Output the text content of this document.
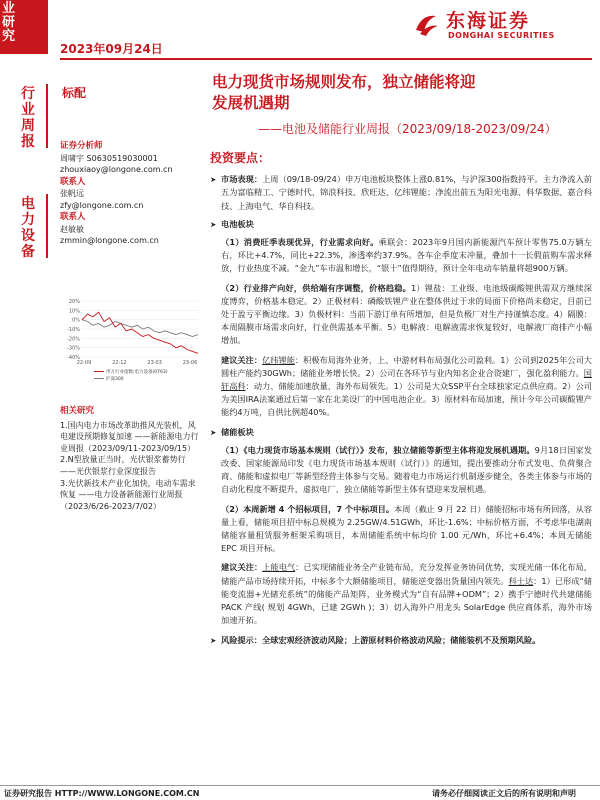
业
研
究
行
业
周
报
电
力
设
备
2023年09月24日
东海证券
DONGHAI SECURITIES
标配
电力现货市场规则发布，独立储能将迎
发展机遇期
——电池及储能行业周报（2023/09/18-2023/09/24）
证券分析师
周啸宇 S0630519030001
zhouxiaoy@longone.com.cn
联系人
张帆远
zfy@longone.com.cn
联系人
赵敏敏
zmmin@longone.com.cn
20%
10%
0%
-10%
-20%
-30%
-40%
22-09	22-12	23-03	23-06
申万行业指数:电力设备(0763)
沪深300
相关研究
1.国内电力市场改革助推风光装机，风电建设预期修复加速 ——新能源电力行业周报（2023/09/11-2023/09/15）
2.N型放量正当时，光伏银浆蓄势行——光伏银浆行业深度报告
3.光伏新技术产业化加快，电动车需求恢复 ——电力设备新能源行业周报（2023/6/26-2023/7/02）
投资要点：
➤ 市场表现：上周（09/18-09/24）申万电池板块整体上涨0.81%，与沪深300指数持平。主力净流入前五为富临精工、宁德时代、锦浪科技、欣旺达、亿纬锂能；净流出前五为阳光电源、科华数据、嘉合科技、上海电气、华自科技。
➤ 电池板块
（1）消费旺季表现优异，行业需求向好。乘联会：2023年9月国内新能源汽车预计零售75.0万辆左右，环比+4.7%，同比+22.3%，渗透率约37.9%。各车企季度末冲量，叠加十一长假前购车需求释放，行业热度不减。“金九”车市温和增长，“银十”值得期待，预计全年电动车销量将超900万辆。
（2）行业排产向好，供给端有序调整，价格趋稳。1）锂盐：工业级、电池级碳酸锂供需双方继续深度博弈，价格基本稳定。2）正极材料：磷酸铁锂产业在整体供过于求的局面下价格尚未稳定，目前已处于盈亏平衡边缘。3）负极材料：当前下游订单有所增加，但是负极厂对生产持谨慎态度。4）隔膜：本周隔膜市场需求向好，行业供需基本平衡。5）电解液：电解液需求恢复较好，电解液厂商排产小幅增加。
建议关注：亿纬锂能：积极布局海外业务，上、中游材料布局强化公司盈利。1）公司到2025年公司大圆柱产能约30GWh；储能业务增长快。2）公司在各环节与业内知名企业合资建厂，强化盈利能力。国轩高科：动力、储能加速放量，海外布局领先。1）公司是大众SSP平台全球独家定点供应商。2）公司为美国IRA法案通过后第一家在北美设厂的中国电池企业。3）原材料布局加速，预计今年公司碳酸锂产能约4万吨，自供比例超40%。
➤ 储能板块
（1）《电力现货市场基本规则（试行）》发布，独立储能等新型主体将迎发展机遇期。9月18日国家发改委、国家能源局印发《电力现货市场基本规则（试行）》的通知，提出要推动分布式发电、负荷聚合商、储能和虚拟电厂等新型经营主体参与交易。随着电力市场运行机制逐步健全，各类主体参与市场的自动化程度不断提升，虚拟电厂、独立储能等新型主体有望迎来发展机遇。
（2）本周新增 4 个招标项目，7 个中标项目。本周（截止 9 月 22 日）储能招标市场有所回落，从容量上看，储能项目招中标总规模为 2.25GW/4.51GWh，环比-1.6%；中标价格方面，不考虑华电湖南储能容量租赁服务框架采购项目，本周储能系统中标均价 1.00 元/Wh，环比+6.4%；本周无储能 EPC 项目开标。
建议关注：上能电气：已实现储能业务全产业链布局，充分发挥业务协同优势，实现光储一体化布局，储能产品市场持续开拓，中标多个大额储能项目，储能逆变器出货量国内领先。科士达：1）已形成“储能变流器+光储充系统”的储能产品矩阵，业务模式为“自有品牌+ODM”；2）携手宁德时代共建储能 PACK 产线( 规划 4GWh，已建 2GWh )；3）切入海外户用龙头 SolarEdge 供应商体系，海外市场加速开拓。
➤ 风险提示：全球宏观经济波动风险；上游原材料价格波动风险；储能装机不及预期风险。
证券研究报告 HTTP://WWW.LONGONE.COM.CN	请务必仔细阅读正文后的所有说明和声明
